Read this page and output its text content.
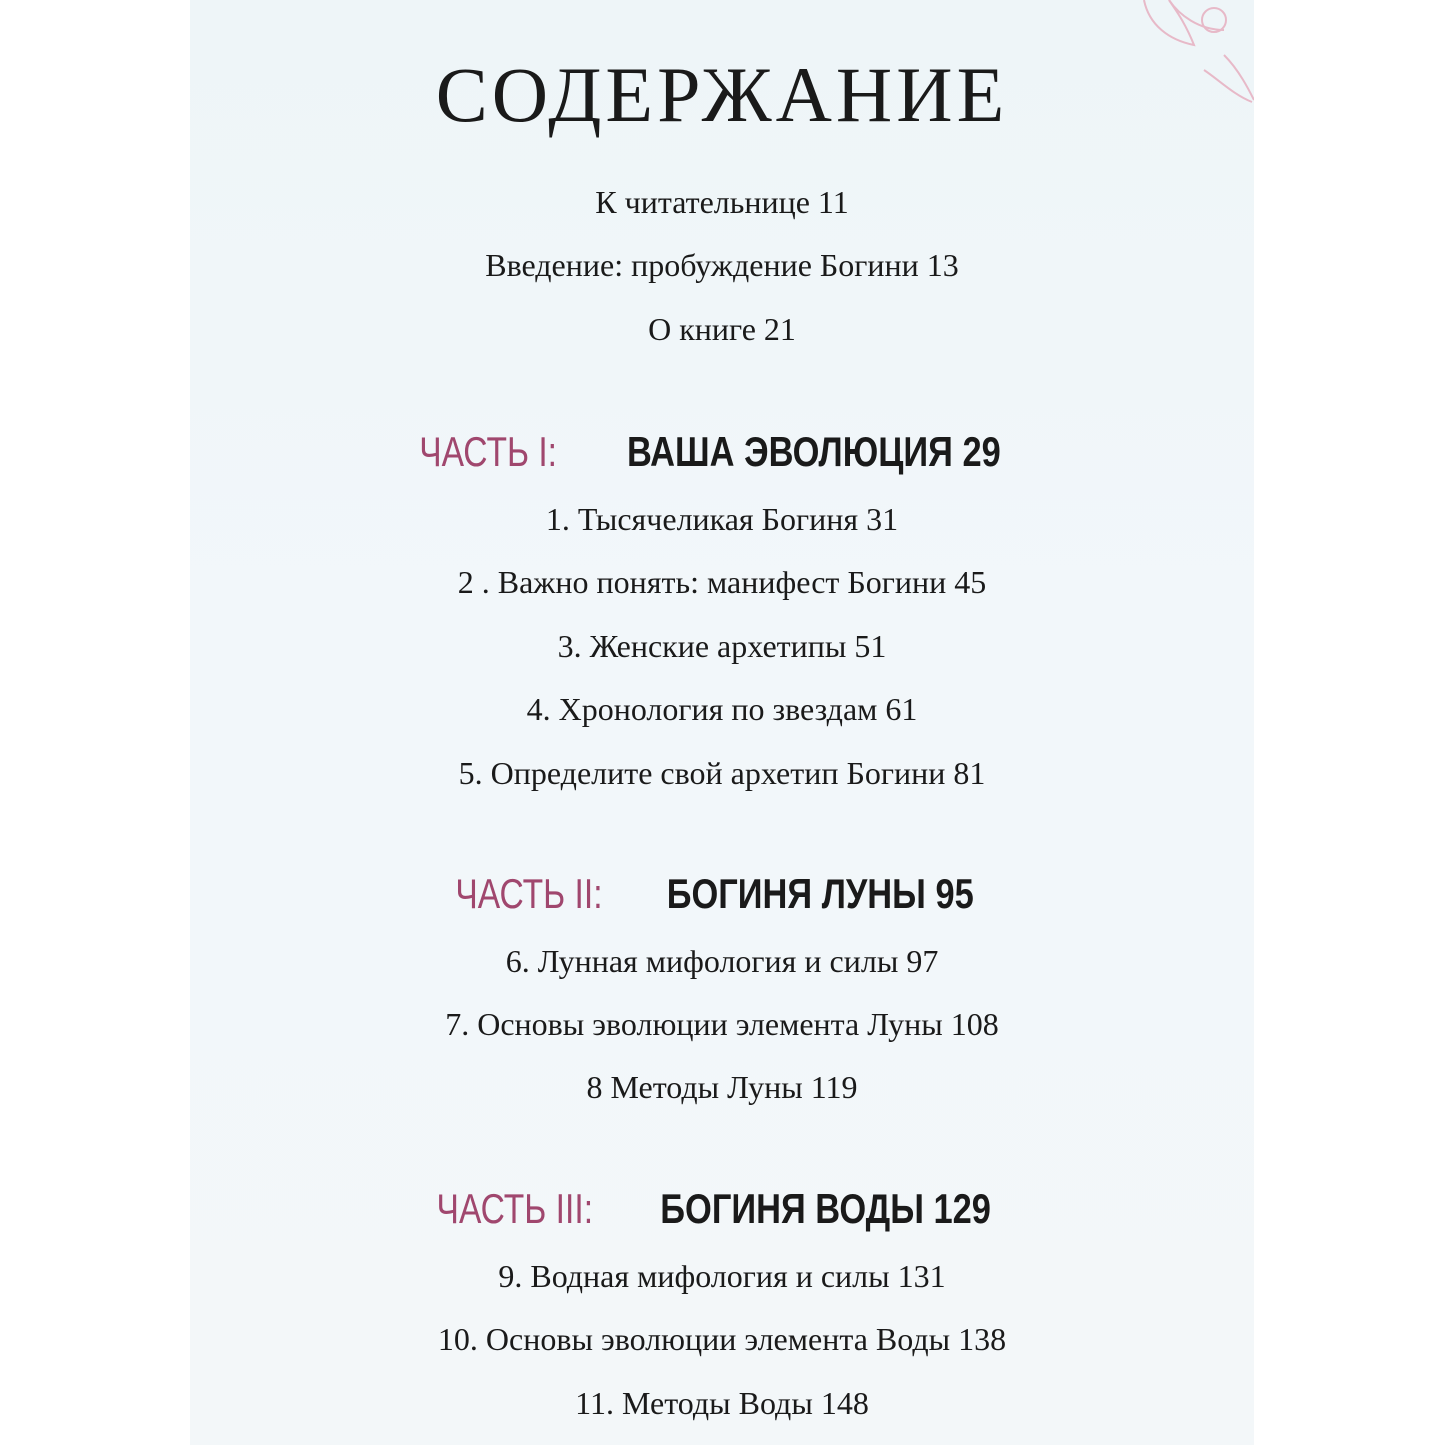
СОДЕРЖАНИЕ
К читательнице 11
Введение: пробуждение Богини 13
О книге 21
ЧАСТЬ I: ВАША ЭВОЛЮЦИЯ 29
1. Тысячеликая Богиня 31
2 . Важно понять: манифест Богини 45
3. Женские архетипы 51
4. Хронология по звездам 61
5. Определите свой архетип Богини 81
ЧАСТЬ II: БОГИНЯ ЛУНЫ 95
6. Лунная мифология и силы 97
7. Основы эволюции элемента Луны 108
8 Методы Луны 119
ЧАСТЬ III: БОГИНЯ ВОДЫ 129
9. Водная мифология и силы 131
10. Основы эволюции элемента Воды 138
11. Методы Воды 148
